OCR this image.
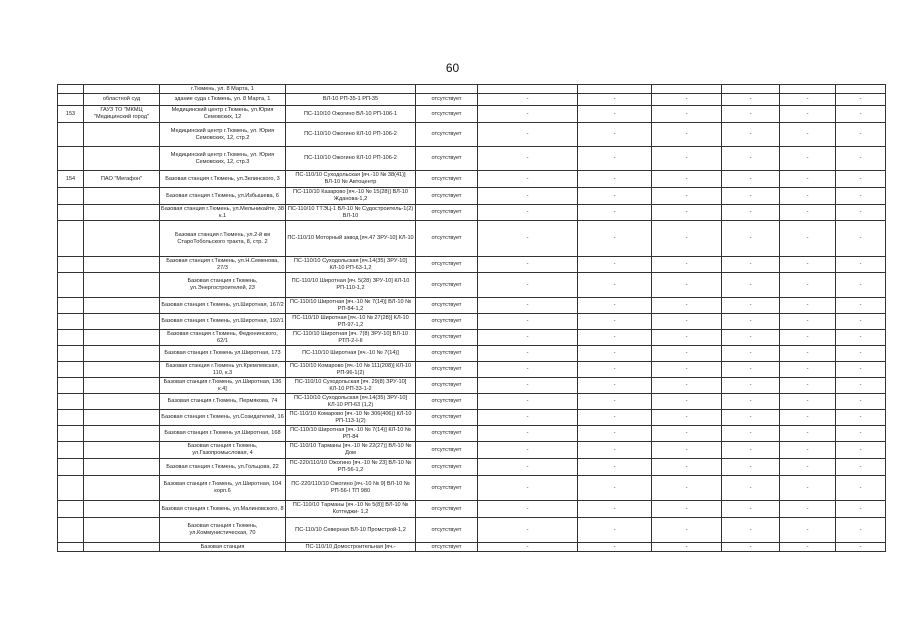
60
		г.Тюмень, ул. 8 Марта, 1								
	областной суд	здание суда г.Тюмень, ул. 8 Марта, 1	ВЛ-10 РП-35-1 РП-35	отсутствует	-	-	-	-	-	-
153	ГАУЗ ТО "МКМЦ "Медицинский город"	Медицинский центр г.Тюмень, ул.Юрия Семовских, 12	ПС-110/10 Ожогино ВЛ-10 РП-106-1	отсутствует	-	-	-	-	-	-
		Медицинский центр г.Тюмень, ул. Юрия Семовских, 12, стр.2	ПС-110/10 Ожогино КЛ-10 РП-106-2	отсутствует	-	-	-	-	-	-
		Медицинский центр г.Тюмень, ул. Юрия Семовских, 12, стр.3	ПС-110/10 Ожогино КЛ-10 РП-106-2	отсутствует	-	-	-	-	-	-
154	ПАО "Мегафон"	Базовая станция г.Тюмень, ул.Зелинского, 3	ПС-110/10 Суходольская [яч.-10 № 38(41)] ВЛ-10 № Автоцентр	отсутствует	-	-	-	-	-	-
		Базовая станция г.Тюмень, ул.Избышева, 6	ПС-110/10 Казарово [яч.-10 № 15(28)] ВЛ-10 Жданова-1,2	отсутствует	-	-	-	-	-	-
		Базовая станция г.Тюмень, ул.Мельникайте, 38 к.1	ПС-110/10 ТТЭЦ-1 ВЛ-10 № Судостроитель-1(2) ВЛ-10	отсутствует	-	-	-	-	-	-
		Базовая станция г.Тюмень, ул.2-й км СтароТобольского тракта, 8, стр. 2	ПС-110/10 Моторный завод [яч.47 ЗРУ-10] КЛ-10	отсутствует	-	-	-	-	-	-
		Базовая станция г.Тюмень, ул.Н.Семенова, 27/3	ПС-110/10 Суходольская [яч.14(35) ЗРУ-10] КЛ-10 РП-63-1,2	отсутствует	-	-	-	-	-	-
		Базовая станция г.Тюмень, ул.Энергостроителей, 23	ПС-110/10 Широтная [яч. 5(28) ЗРУ-10] КЛ-10 РП-110-1,2	отсутствует	-	-	-	-	-	-
		Базовая станция г.Тюмень, ул.Широтная, 167/2	ПС-110/10 Широтная [яч.-10 № 7(14)] ВЛ-10 № РП-84-1,2	отсутствует	-	-	-	-	-	-
		Базовая станция г.Тюмень, ул.Широтная, 192/1	ПС-110/10 Широтная [яч.-10 № 27(28)] КЛ-10 РП-97-1,2	отсутствует	-	-	-	-	-	-
		Базовая станция г.Тюмень, Федюнинского, 62/1	ПС-110/10 Широтная [яч. 7(8) ЗРУ-10] ВЛ-10 РТП-2-I-II	отсутствует	-	-	-	-	-	-
		Базовая станция г.Тюмень ул.Широтная, 173	ПС-110/10 Широтная [яч.-10 № 7(14)]	отсутствует	-	-	-	-	-	-
		Базовая станция г.Тюмень ул.Кремлевская, 110, к.3	ПС-110/10 Комарово [яч.-10 № 111(208)] КЛ-10 РП-96-1(2)	отсутствует	-	-	-	-	-	-
		Базовая станция г.Тюмень, ул.Широтная, 136 к.4]	ПС-110/10 Суходольская [яч. 29(8) ЗРУ-10] КЛ-10 РП-33-1-2	отсутствует	-	-	-	-	-	-
		Базовая станция г.Тюмень, Пермякова, 74	ПС-110/10 Суходольская [яч.14(35) ЗРУ-10] КЛ-10 РП-63 (1,2)	отсутствует	-	-	-	-	-	-
		Базовая станция г.Тюмень, ул.Созидателей, 16	ПС-110/10 Комарово [яч.-10 № 306(406)] КЛ-10 РП-113-1(2)	отсутствует	-	-	-	-	-	-
		Базовая станция г.Тюмень ул.Широтная, 168	ПС-110/10 Широтная [яч.-10 № 7(14)] КЛ-10 № РП-84	отсутствует	-	-	-	-	-	-
		Базовая станция г.Тюмень, ул.Газопромысловая, 4	ПС-110/10 Тарманы [яч.-10 № 22(27)] ВЛ-10 № Дом	отсутствует	-	-	-	-	-	-
		Базовая станция г.Тюмень, ул.Гольцова, 22	ПС-220/110/10 Ожогино [яч.-10 № 23] ВЛ-10 № РП-56-1,2	отсутствует	-	-	-	-	-	-
		Базовая станция г.Тюмень, ул.Широтная, 104 корп.6	ПС-220/110/10 Ожогино [яч.-10 № 9] ВЛ-10 № РП-56-I ТП 980	отсутствует	-	-	-	-	-	-
		Базовая станция г.Тюмень, ул.Малиновского, 8	ПС-110/10 Тарманы [яч.-10 № 5(8)] ВЛ-10 № Коттеджи- 1,2	отсутствует	-	-	-	-	-	-
		Базовая станция г.Тюмень, ул.Коммунистическая, 70	ПС-110/10 Северная ВЛ-10 Промстрой-1,2	отсутствует	-	-	-	-	-	-
		Базовая станция	ПС-110/10 Домостроительная [яч.-	отсутствует	-	-	-	-	-	-
